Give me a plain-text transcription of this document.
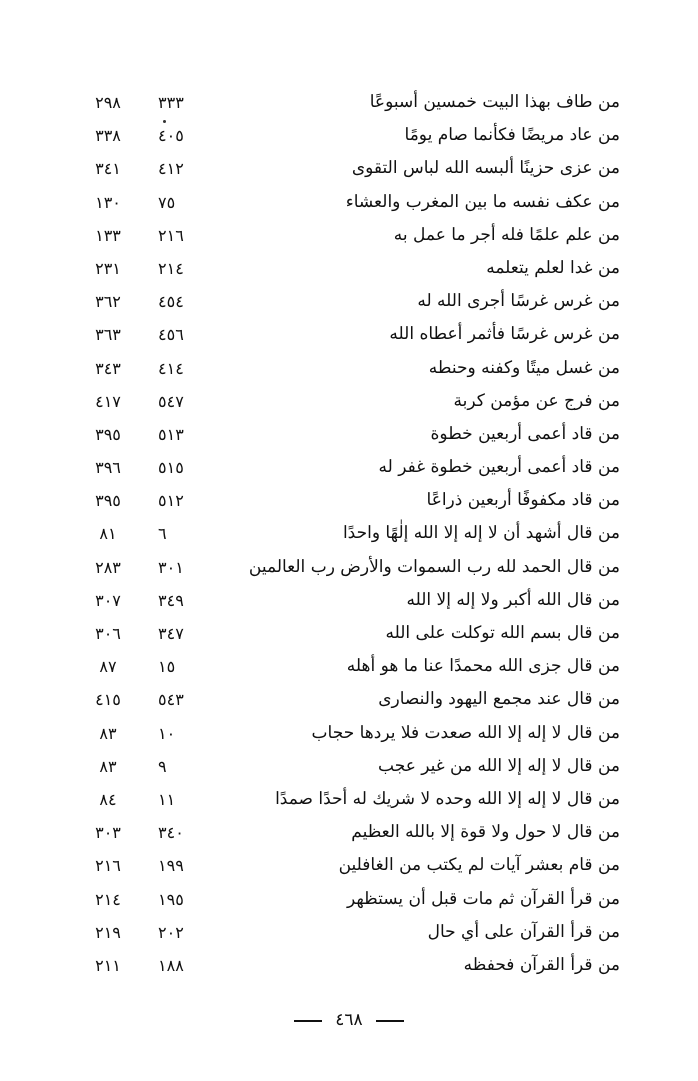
من طاف بهذا البيت خمسين أسبوعًا
٣٣٣
٢٩٨
من عاد مريضًا فكأنما صام يومًا
٤٠٥
٣٣٨
من عزى حزينًا ألبسه الله لباس التقوى
٤١٢
٣٤١
من عكف نفسه ما بين المغرب والعشاء
٧٥
١٣٠
من علم علمًا فله أجر ما عمل به
٢١٦
١٣٣
من غدا لعلم يتعلمه
٢١٤
٢٣١
من غرس غرسًا أجرى الله له
٤٥٤
٣٦٢
من غرس غرسًا فأثمر أعطاه الله
٤٥٦
٣٦٣
من غسل ميتًا وكفنه وحنطه
٤١٤
٣٤٣
من فرج عن مؤمن كربة
٥٤٧
٤١٧
من قاد أعمى أربعين خطوة
٥١٣
٣٩٥
من قاد أعمى أربعين خطوة غفر له
٥١٥
٣٩٦
من قاد مكفوفًا أربعين ذراعًا
٥١٢
٣٩٥
من قال أشهد أن لا إله إلا الله إلٰهًا واحدًا
٦
٨١
من قال الحمد لله رب السموات والأرض رب العالمين
٣٠١
٢٨٣
من قال الله أكبر ولا إله إلا الله
٣٤٩
٣٠٧
من قال بسم الله توكلت على الله
٣٤٧
٣٠٦
من قال جزى الله محمدًا عنا ما هو أهله
١٥
٨٧
من قال عند مجمع اليهود والنصارى
٥٤٣
٤١٥
من قال لا إله إلا الله صعدت فلا يردها حجاب
١٠
٨٣
من قال لا إله إلا الله من غير عجب
٩
٨٣
من قال لا إله إلا الله وحده لا شريك له أحدًا صمدًا
١١
٨٤
من قال لا حول ولا قوة إلا بالله العظيم
٣٤٠
٣٠٣
من قام بعشر آيات لم يكتب من الغافلين
١٩٩
٢١٦
من قرأ القرآن ثم مات قبل أن يستظهر
١٩٥
٢١٤
من قرأ القرآن على أي حال
٢٠٢
٢١٩
من قرأ القرآن فحفظه
١٨٨
٢١١
٤٦٨
